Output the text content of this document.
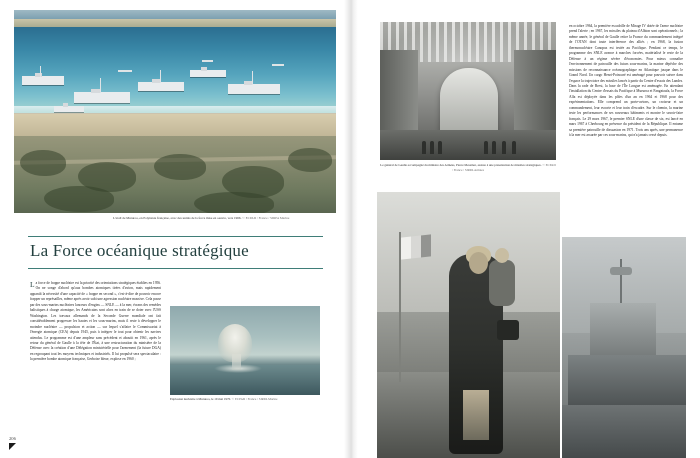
L'atoll de Mururoa, en Polynésie française, avec des unités de la force mise en oeuvre, vers 1966. © ECPAD / France / SIRPA Marine
La Force océanique stratégique

La force de frappe nucléaire est la priorité des orientations stratégiques établies en 1956. On ne songe d'abord qu'aux bombes atomiques tirées d'avion, mais rapidement apparaît la nécessité d'une capacité de « frappe en second », c'est-à-dire de pouvoir encore frapper un représailles, même après avoir subi une agression nucléaire massive. Cela passe par des sous-marins nucléaires lanceurs d'engins — SNLE — à la mer, écrans des remèdes balistiques à charge atomique, les Américains sont alors en train de se doter avec l'USS Washington. Les travaux allemands de la Seconde Guerre mondiale ont fait considérablement progresser les hautes et les sous-marins, mais il reste à développer le moindre nucléaire — propulsion et action — sur lequel s'affaire le Commissariat à l'énergie atomique (CEA) depuis 1945, puis à intégrer le tout pour obtenir les navires attendus. Le programme est d'une ampleur sans précédent et aboutit en 1961, après le retour du général de Gaulle à la tête de l'État, à une restructuration du ministère de la Défense avec la création d'une Délégation ministérielle pour l'armement (la future DGA) en regroupant tout les moyens techniques et industriels. Il lui propulsé sera spectaculaire : la première bombe atomique française, Gerboise bleue, explose en 1960 ;

Explosion nucléaire à Mururoa, le 19 mai 1970. © ECPAD / France / SIRPA Marine
206
Le général de Gaulle accompagné du ministre des Armées, Pierre Messmer, assiste à une présentation de missiles stratégiques. © ECPAD / France / SIRPA Armées

en octobre 1964, la première escadrille de Mirage IV dotée de l'arme nucléaire prend l'alerte ; en 1967, les missiles du plateau d'Albion sont opérationnels ; la même année, le général de Gaulle retire la France du commandement intégré de l'OTAN dont toute interférence des alliés ; en 1968, la fusion thermonucléaire Canopus est testée au Pacifique. Pendant ce temps, le programme des SNLE avance à marches forcées, matérialisé le reste de la Défense à un régime sévère d'économies. Pour mieux connaître l'environnement de patrouille des futurs sous-marins, la marine dépêche des missions de reconnaissance océanographique en Atlantique jusque dans le Grand Nord. Un cargo Henri-Poincaré est aménagé pour pouvoir suivre dans l'espace la trajectoire des missiles lancés à partir du Centre d'essais des Landes. Dans la rade de Brest, la base de l'Île Longue est aménagée. En attendant l'installation du Centre d'essais du Pacifique à Mururoa et Fangataufa, la Force Alfa est déployée dans les pôles d'un an en 1964 et 1968 pour des expérimentations. Elle comprend un porte-avions, un croiseur et un commandement, leur escorte et leur train d'escadre. Sur le chemin, la marine teste les performances de ses nouveaux bâtiments et montre le savoir-faire français. Le 29 mars 1967, le premier SNLE d'une classe de six, est lancé en mars 1967 à Cherbourg en présence du président de la République. Il entame sa première patrouille de dissuasion en 1971. Trois ans après, une permanence à la mer est assurée par ces sous-marins, qui n'a jamais cessé depuis.
